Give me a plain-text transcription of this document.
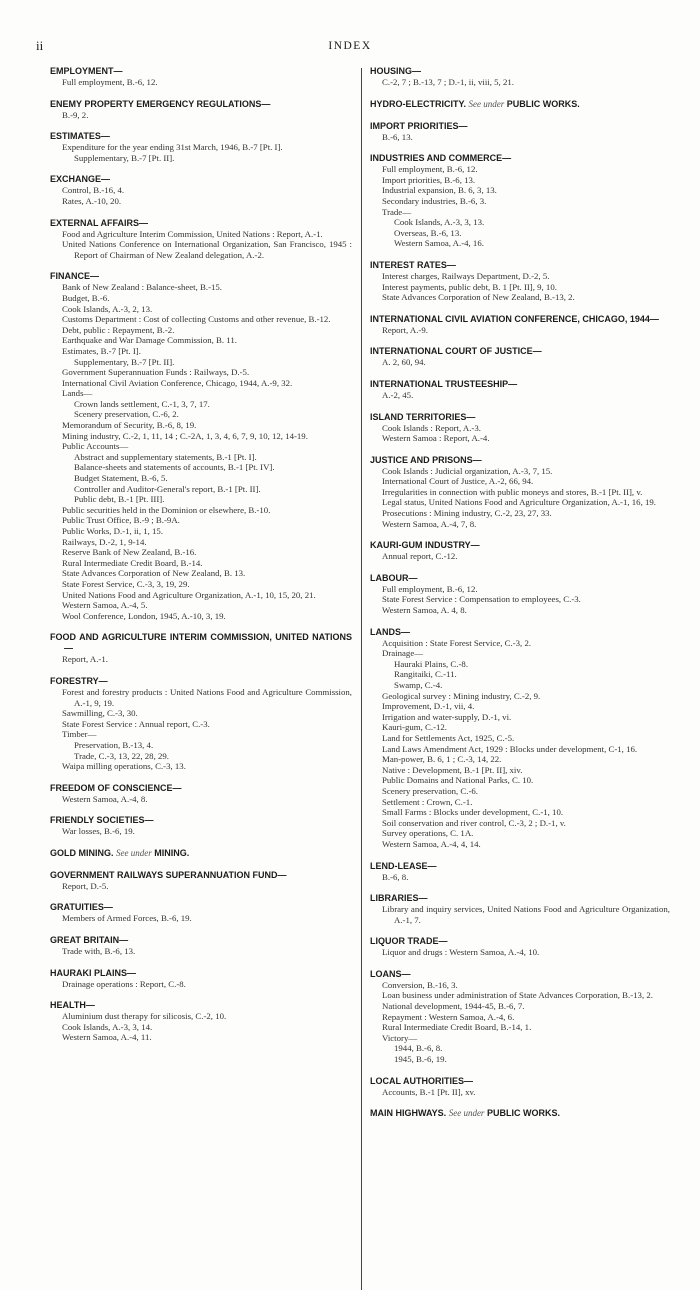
ii	INDEX
EMPLOYMENT—
Full employment, B.-6, 12.
ENEMY PROPERTY EMERGENCY REGULATIONS—
B.-9, 2.
ESTIMATES—
Expenditure for the year ending 31st March, 1946, B.-7 [Pt. I].
Supplementary, B.-7 [Pt. II].
EXCHANGE—
Control, B.-16, 4.
Rates, A.-10, 20.
EXTERNAL AFFAIRS—
Food and Agriculture Interim Commission, United Nations : Report, A.-1.
United Nations Conference on International Organization, San Francisco, 1945 : Report of Chairman of New Zealand delegation, A.-2.
FINANCE—
Bank of New Zealand : Balance-sheet, B.-15.
Budget, B.-6.
Cook Islands, A.-3, 2, 13.
Customs Department : Cost of collecting Customs and other revenue, B.-12.
Debt, public : Repayment, B.-2.
Earthquake and War Damage Commission, B. 11.
Estimates, B.-7 [Pt. I].
Supplementary, B.-7 [Pt. II].
Government Superannuation Funds : Railways, D.-5.
International Civil Aviation Conference, Chicago, 1944, A.-9, 32.
Lands—
Crown lands settlement, C.-1, 3, 7, 17.
Scenery preservation, C.-6, 2.
Memorandum of Security, B.-6, 8, 19.
Mining industry, C.-2, 1, 11, 14 ; C.-2A, 1, 3, 4, 6, 7, 9, 10, 12, 14-19.
Public Accounts—
Abstract and supplementary statements, B.-1 [Pt. I].
Balance-sheets and statements of accounts, B.-1 [Pt. IV].
Budget Statement, B.-6, 5.
Controller and Auditor-General's report, B.-1 [Pt. II].
Public debt, B.-1 [Pt. III].
Public securities held in the Dominion or elsewhere, B.-10.
Public Trust Office, B.-9 ; B.-9A.
Public Works, D.-1, ii, 1, 15.
Railways, D.-2, 1, 9-14.
Reserve Bank of New Zealand, B.-16.
Rural Intermediate Credit Board, B.-14.
State Advances Corporation of New Zealand, B. 13.
State Forest Service, C.-3, 3, 19, 29.
United Nations Food and Agriculture Organization, A.-1, 10, 15, 20, 21.
Western Samoa, A.-4, 5.
Wool Conference, London, 1945, A.-10, 3, 19.
FOOD AND AGRICULTURE INTERIM COMMISSION, UNITED NATIONS—
Report, A.-1.
FORESTRY—
Forest and forestry products : United Nations Food and Agriculture Commission, A.-1, 9, 19.
Sawmilling, C.-3, 30.
State Forest Service : Annual report, C.-3.
Timber—
Preservation, B.-13, 4.
Trade, C.-3, 13, 22, 28, 29.
Waipa milling operations, C.-3, 13.
FREEDOM OF CONSCIENCE—
Western Samoa, A.-4, 8.
FRIENDLY SOCIETIES—
War losses, B.-6, 19.
GOLD MINING. See under MINING.
GOVERNMENT RAILWAYS SUPERANNUATION FUND—
Report, D.-5.
GRATUITIES—
Members of Armed Forces, B.-6, 19.
GREAT BRITAIN—
Trade with, B.-6, 13.
HAURAKI PLAINS—
Drainage operations : Report, C.-8.
HEALTH—
Aluminium dust therapy for silicosis, C.-2, 10.
Cook Islands, A.-3, 3, 14.
Western Samoa, A.-4, 11.
HOUSING—
C.-2, 7 ; B.-13, 7 ; D.-1, ii, viii, 5, 21.
HYDRO-ELECTRICITY. See under PUBLIC WORKS.
IMPORT PRIORITIES—
B.-6, 13.
INDUSTRIES AND COMMERCE—
Full employment, B.-6, 12.
Import priorities, B.-6, 13.
Industrial expansion, B. 6, 3, 13.
Secondary industries, B.-6, 3.
Trade—
Cook Islands, A.-3, 3, 13.
Overseas, B.-6, 13.
Western Samoa, A.-4, 16.
INTEREST RATES—
Interest charges, Railways Department, D.-2, 5.
Interest payments, public debt, B. 1 [Pt. II], 9, 10.
State Advances Corporation of New Zealand, B.-13, 2.
INTERNATIONAL CIVIL AVIATION CONFERENCE, CHICAGO, 1944—
Report, A.-9.
INTERNATIONAL COURT OF JUSTICE—
A. 2, 60, 94.
INTERNATIONAL TRUSTEESHIP—
A.-2, 45.
ISLAND TERRITORIES—
Cook Islands : Report, A.-3.
Western Samoa : Report, A.-4.
JUSTICE AND PRISONS—
Cook Islands : Judicial organization, A.-3, 7, 15.
International Court of Justice, A.-2, 66, 94.
Irregularities in connection with public moneys and stores, B.-1 [Pt. II], v.
Legal status, United Nations Food and Agriculture Organization, A.-1, 16, 19.
Prosecutions : Mining industry, C.-2, 23, 27, 33.
Western Samoa, A.-4, 7, 8.
KAURI-GUM INDUSTRY—
Annual report, C.-12.
LABOUR—
Full employment, B.-6, 12.
State Forest Service : Compensation to employees, C.-3.
Western Samoa, A. 4, 8.
LANDS—
Acquisition : State Forest Service, C.-3, 2.
Drainage—
Hauraki Plains, C.-8.
Rangitaiki, C.-11.
Swamp, C.-4.
Geological survey : Mining industry, C.-2, 9.
Improvement, D.-1, vii, 4.
Irrigation and water-supply, D.-1, vi.
Kauri-gum, C.-12.
Land for Settlements Act, 1925, C.-5.
Land Laws Amendment Act, 1929 : Blocks under development, C-1, 16.
Man-power, B. 6, 1 ; C.-3, 14, 22.
Native : Development, B.-1 [Pt. II], xiv.
Public Domains and National Parks, C. 10.
Scenery preservation, C.-6.
Settlement : Crown, C.-1.
Small Farms : Blocks under development, C.-1, 10.
Soil conservation and river control, C.-3, 2 ; D.-1, v.
Survey operations, C. 1A.
Western Samoa, A.-4, 4, 14.
LEND-LEASE—
B.-6, 8.
LIBRARIES—
Library and inquiry services, United Nations Food and Agriculture Organization, A.-1, 7.
LIQUOR TRADE—
Liquor and drugs : Western Samoa, A.-4, 10.
LOANS—
Conversion, B.-16, 3.
Loan business under administration of State Advances Corporation, B.-13, 2.
National development, 1944-45, B.-6, 7.
Repayment : Western Samoa, A.-4, 6.
Rural Intermediate Credit Board, B.-14, 1.
Victory—
1944, B.-6, 8.
1945, B.-6, 19.
LOCAL AUTHORITIES—
Accounts, B.-1 [Pt. II], xv.
MAIN HIGHWAYS. See under PUBLIC WORKS.
